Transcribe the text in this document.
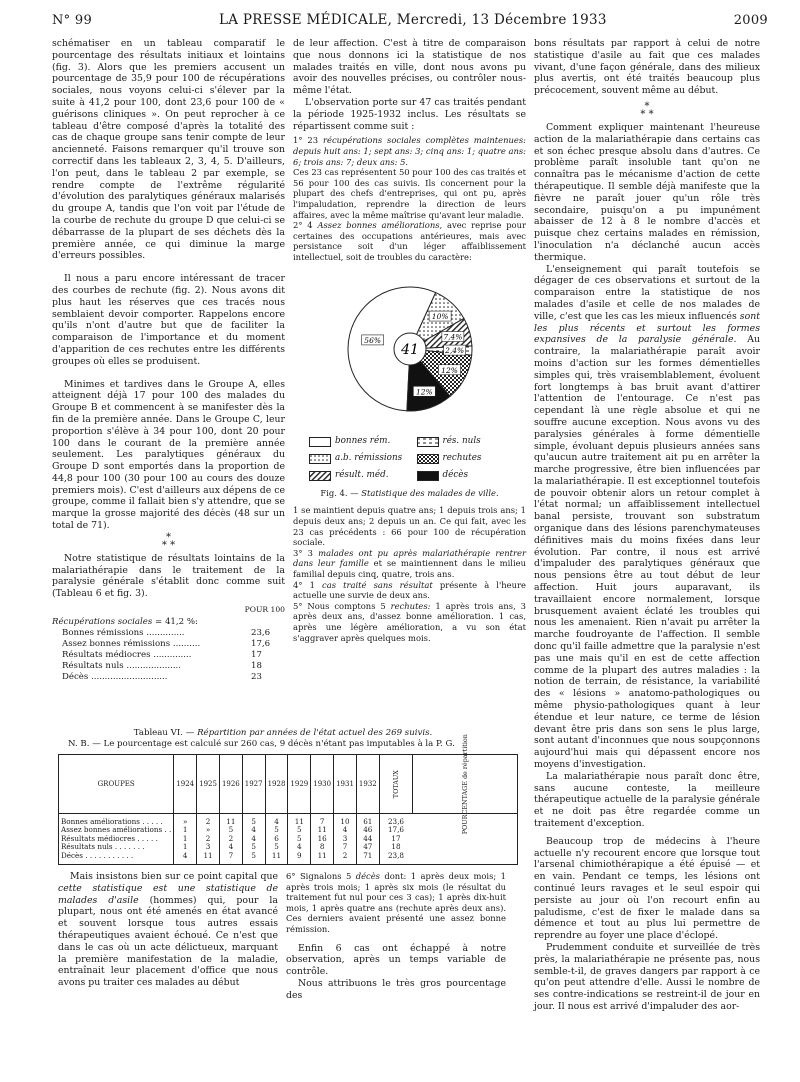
N° 99	LA PRESSE MÉDICALE, Mercredi, 13 Décembre 1933	2009

schématiser en un tableau comparatif le pourcentage des résultats initiaux et lointains (fig. 3). Alors que les premiers accusent un pourcentage de 35,9 pour 100 de récupérations sociales, nous voyons celui-ci s'élever par la suite à 41,2 pour 100, dont 23,6 pour 100 de « guérisons cliniques ». On peut reprocher à ce tableau d'être composé d'après la totalité des cas de chaque groupe sans tenir compte de leur ancienneté. Faisons remarquer qu'il trouve son correctif dans les tableaux 2, 3, 4, 5. D'ailleurs, l'on peut, dans le tableau 2 par exemple, se rendre compte de l'extrême régularité d'évolution des paralytiques généraux malarisés du groupe A, tandis que l'on voit par l'étude de la courbe de rechute du groupe D que celui-ci se débarrasse de la plupart de ses déchets dès la première année, ce qui diminue la marge d'erreurs possibles.

Il nous a paru encore intéressant de tracer des courbes de rechute (fig. 2). Nous avons dit plus haut les réserves que ces tracés nous semblaient devoir comporter. Rappelons encore qu'ils n'ont d'autre but que de faciliter la comparaison de l'importance et du moment d'apparition de ces rechutes entre les différents groupes où elles se produisent.

Minimes et tardives dans le Groupe A, elles atteignent déjà 17 pour 100 des malades du Groupe B et commencent à se manifester dès la fin de la première année. Dans le Groupe C, leur proportion s'élève à 34 pour 100, dont 20 pour 100 dans le courant de la première année seulement. Les paralytiques généraux du Groupe D sont emportés dans la proportion de 44,8 pour 100 (30 pour 100 au cours des douze premiers mois). C'est d'ailleurs aux dépens de ce groupe, comme il fallait bien s'y attendre, que se marque la grosse majorité des décès (48 sur un total de 71).

*
* *

Notre statistique de résultats lointains de la malariathérapie dans le traitement de la paralysie générale s'établit donc comme suit (Tableau 6 et fig. 3).

POUR 100
Récupérations sociales = 41,2 %:
Bonnes rémissions ..............	23,6
Assez bonnes rémissions ..........	17,6
Résultats médiocres ..............	17
Résultats nuls ....................	18
Décès ............................	23

de leur affection. C'est à titre de comparaison que nous donnons ici la statistique de nos malades traités en ville, dont nous avons pu avoir des nouvelles précises, ou contrôler nous-même l'état.

L'observation porte sur 47 cas traités pendant la période 1925-1932 inclus. Les résultats se répartissent comme suit :

1° 23 récupérations sociales complètes maintenues: depuis huit ans: 1; sept ans: 3; cinq ans: 1; quatre ans: 6; trois ans: 7; deux ans: 5.

Ces 23 cas représentent 50 pour 100 des cas traités et 56 pour 100 des cas suivis. Ils concernent pour la plupart des chefs d'entreprises, qui ont pu, après l'impaludation, reprendre la direction de leurs affaires, avec la même maîtrise qu'avant leur maladie.

2° 4 Assez bonnes améliorations, avec reprise pour certaines des occupations antérieures, mais avec persistance soit d'un léger affaiblissement intellectuel, soit de troubles du caractère:

41
56%
10%
7,4%
2,4%
12%
12%
bonnes rém.	rés. nuls
a.b. rémissions	rechutes
résult. méd.	décès
Fig. 4. — Statistique des malades de ville.

1 se maintient depuis quatre ans; 1 depuis trois ans; 1 depuis deux ans; 2 depuis un an. Ce qui fait, avec les 23 cas précédents : 66 pour 100 de récupération sociale.

3° 3 malades ont pu après malariathérapie rentrer dans leur famille et se maintiennent dans le milieu familial depuis cinq, quatre, trois ans.

4° 1 cas traité sans résultat présente à l'heure actuelle une survie de deux ans.

5° Nous comptons 5 rechutes: 1 après trois ans, 3 après deux ans, d'assez bonne amélioration. 1 cas, après une légère amélioration, a vu son état s'aggraver après quelques mois.

bons résultats par rapport à celui de notre statistique d'asile au fait que ces malades vivant, d'une façon générale, dans des milieux plus avertis, ont été traités beaucoup plus précocement, souvent même au début.

*
* *

Comment expliquer maintenant l'heureuse action de la malariathérapie dans certains cas et son échec presque absolu dans d'autres. Ce problème paraît insoluble tant qu'on ne connaîtra pas le mécanisme d'action de cette thérapeutique. Il semble déjà manifeste que la fièvre ne paraît jouer qu'un rôle très secondaire, puisqu'on a pu impunément abaisser de 12 à 8 le nombre d'accès et puisque chez certains malades en rémission, l'inoculation n'a déclanché aucun accès thermique.

L'enseignement qui paraît toutefois se dégager de ces observations et surtout de la comparaison entre la statistique de nos malades d'asile et celle de nos malades de ville, c'est que les cas les mieux influencés sont les plus récents et surtout les formes expansives de la paralysie générale. Au contraire, la malariathérapie paraît avoir moins d'action sur les formes démentielles simples qui, très vraisemblablement, évoluent fort longtemps à bas bruit avant d'attirer l'attention de l'entourage. Ce n'est pas cependant là une règle absolue et qui ne souffre aucune exception. Nous avons vu des paralysies générales à forme démentielle simple, évoluant depuis plusieurs années sans qu'aucun autre traitement ait pu en arrêter la marche progressive, être bien influencées par la malariathérapie. Il est exceptionnel toutefois de pouvoir obtenir alors un retour complet à l'état normal; un affaiblissement intellectuel banal persiste, trouvant son substratum organique dans des lésions parenchymateuses définitives mais du moins fixées dans leur évolution. Par contre, il nous est arrivé d'impaluder des paralytiques généraux que nous pensions être au tout début de leur affection. Huit jours auparavant, ils travaillaient encore normalement, lorsque brusquement avaient éclaté les troubles qui nous les amenaient. Rien n'avait pu arrêter la marche foudroyante de l'affection. Il semble donc qu'il faille admettre que la paralysie n'est pas une mais qu'il en est de cette affection comme de la plupart des autres maladies : la notion de terrain, de résistance, la variabilité des « lésions » anatomo-pathologiques ou même physio-pathologiques quant à leur étendue et leur nature, ce terme de lésion devant être pris dans son sens le plus large, sont autant d'inconnues que nous soupçonnons aujourd'hui mais qui dépassent encore nos moyens d'investigation.

La malariathérapie nous paraît donc être, sans aucune conteste, la meilleure thérapeutique actuelle de la paralysie générale et ne doit pas être regardée comme un traitement d'exception.

Beaucoup trop de médecins à l'heure actuelle n'y recourent encore que lorsque tout l'arsenal chimiothérapique a été épuisé — et en vain. Pendant ce temps, les lésions ont continué leurs ravages et le seul espoir qui persiste au jour où l'on recourt enfin au paludisme, c'est de fixer le malade dans sa démence et tout au plus lui permettre de reprendre au foyer une place d'éclopé.

Prudemment conduite et surveillée de très près, la malariathérapie ne présente pas, nous semble-t-il, de graves dangers par rapport à ce qu'on peut attendre d'elle. Aussi le nombre de ses contre-indications se restreint-il de jour en jour. Il nous est arrivé d'impaluder des aor-

Tableau VI. — Répartition par années de l'état actuel des 269 suivis.
N. B. — Le pourcentage est calculé sur 260 cas, 9 décès n'étant pas imputables à la P. G.
GROUPES	1924	1925	1926	1927	1928	1929	1930	1931	1932	TOTAUX	POURCENTAGE de répartition
Bonnes améliorations . . . . .	»	2	11	5	4	11	7	10	61	23,6	
Assez bonnes améliorations . .	1	»	5	4	5	5	11	4	46	17,6	
Résultats médiocres . . . . .	1	2	2	4	6	5	16	3	44	17	
Résultats nuls . . . . . . .	1	3	4	5	5	4	8	7	47	18	
Décès . . . . . . . . . . .	4	11	7	5	11	9	11	2	71	23,8	

Mais insistons bien sur ce point capital que cette statistique est une statistique de malades d'asile (hommes) qui, pour la plupart, nous ont été amenés en état avancé et souvent lorsque tous autres essais thérapeutiques avaient échoué. Ce n'est que dans le cas où un acte délictueux, marquant la première manifestation de la maladie, entraînait leur placement d'office que nous avons pu traiter ces malades au début

6° Signalons 5 décès dont: 1 après deux mois; 1 après trois mois; 1 après six mois (le résultat du traitement fut nul pour ces 3 cas); 1 après dix-huit mois, 1 après quatre ans (rechute après deux ans). Ces derniers avaient présenté une assez bonne rémission.

Enfin 6 cas ont échappé à notre observation, après un temps variable de contrôle.

Nous attribuons le très gros pourcentage des
